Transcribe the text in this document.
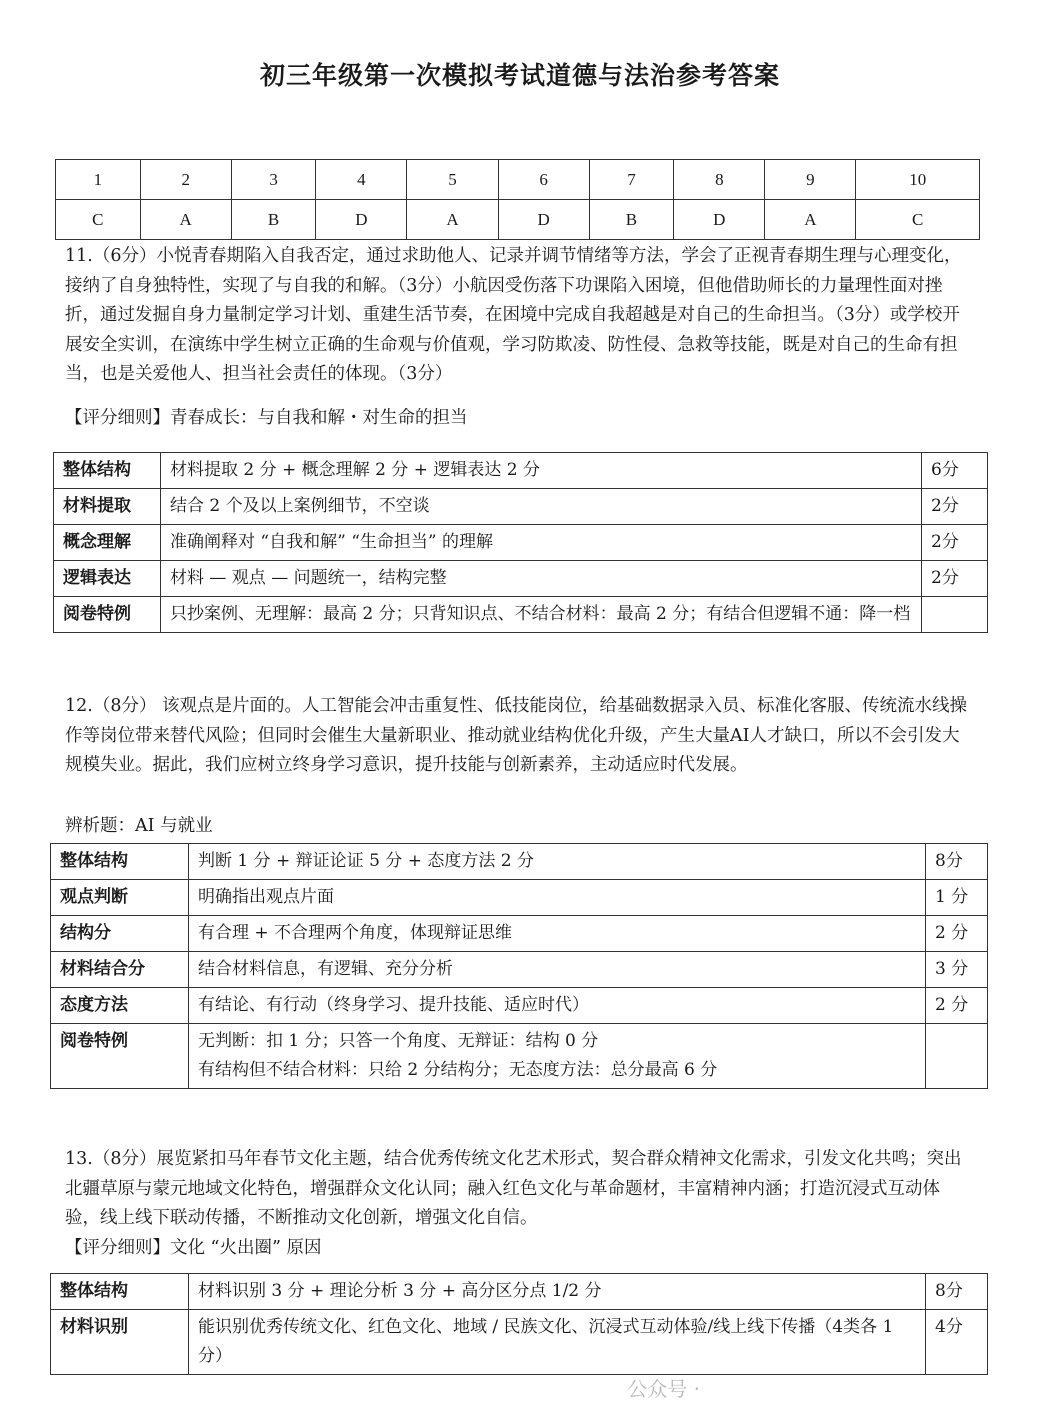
初三年级第一次模拟考试道德与法治参考答案
1	2	3	4	5	6	7	8	9	10
C	A	B	D	A	D	B	D	A	C
11.（6分）小悦青春期陷入自我否定，通过求助他人、记录并调节情绪等方法，学会了正视青春期生理与心理变化，接纳了自身独特性，实现了与自我的和解。（3分）小航因受伤落下功课陷入困境，但他借助师长的力量理性面对挫折，通过发掘自身力量制定学习计划、重建生活节奏，在困境中完成自我超越是对自己的生命担当。（3分）或学校开展安全实训，在演练中学生树立正确的生命观与价值观，学习防欺凌、防性侵、急救等技能，既是对自己的生命有担当，也是关爱他人、担当社会责任的体现。（3分）
【评分细则】青春成长：与自我和解・对生命的担当
整体结构	材料提取 2 分 + 概念理解 2 分 + 逻辑表达 2 分	6分
材料提取	结合 2 个及以上案例细节，不空谈	2分
概念理解	准确阐释对 “自我和解” “生命担当” 的理解	2分
逻辑表达	材料 — 观点 — 问题统一，结构完整	2分
阅卷特例	只抄案例、无理解：最高 2 分；只背知识点、不结合材料：最高 2 分；有结合但逻辑不通：降一档	
12.（8分） 该观点是片面的。人工智能会冲击重复性、低技能岗位，给基础数据录入员、标准化客服、传统流水线操作等岗位带来替代风险；但同时会催生大量新职业、推动就业结构优化升级，产生大量AI人才缺口，所以不会引发大规模失业。据此，我们应树立终身学习意识，提升技能与创新素养，主动适应时代发展。
辨析题：AI 与就业
整体结构	判断 1 分 + 辩证论证 5 分 + 态度方法 2 分	8分
观点判断	明确指出观点片面	1 分
结构分	有合理 + 不合理两个角度，体现辩证思维	2 分
材料结合分	结合材料信息，有逻辑、充分分析	3 分
态度方法	有结论、有行动（终身学习、提升技能、适应时代）	2 分
阅卷特例	无判断：扣 1 分；只答一个角度、无辩证：结构 0 分
有结构但不结合材料：只给 2 分结构分；无态度方法：总分最高 6 分	

13.（8分）展览紧扣马年春节文化主题，结合优秀传统文化艺术形式，契合群众精神文化需求，引发文化共鸣；突出北疆草原与蒙元地域文化特色，增强群众文化认同；融入红色文化与革命题材，丰富精神内涵；打造沉浸式互动体验，线上线下联动传播，不断推动文化创新，增强文化自信。
【评分细则】文化 “火出圈” 原因
整体结构	材料识别 3 分 + 理论分析 3 分 + 高分区分点 1/2 分	8分
材料识别	能识别优秀传统文化、红色文化、地域 / 民族文化、沉浸式互动体验/线上线下传播（4类各 1 分）	4分
公众号 ·
